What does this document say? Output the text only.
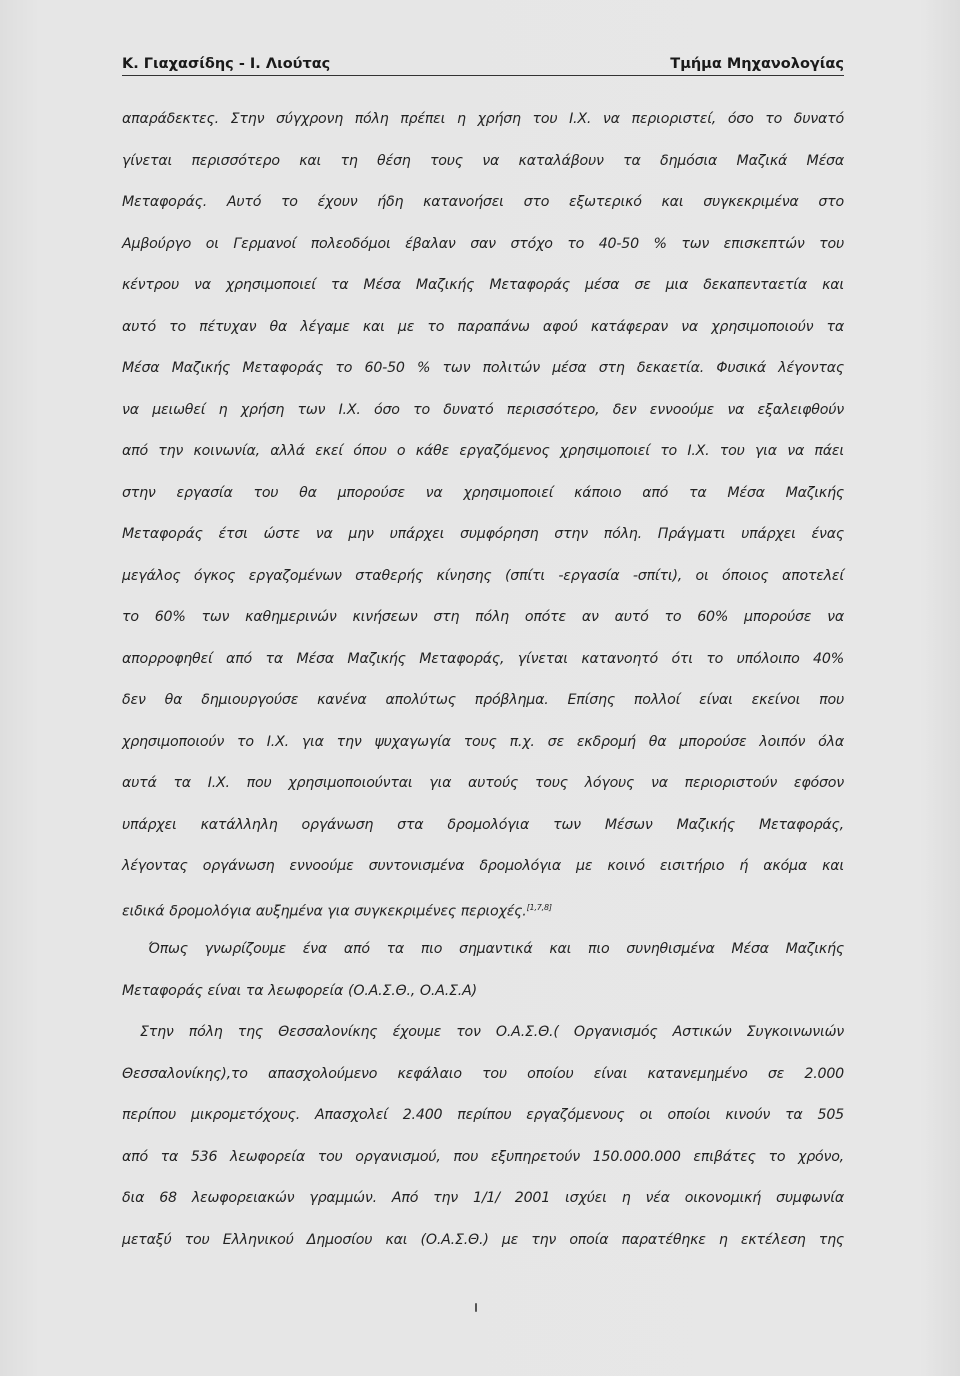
Κ. Γιαχασίδης - Ι. Λιούτας	Τμήμα Μηχανολογίας
απαράδεκτες. Στην σύγχρονη πόλη πρέπει η χρήση του Ι.Χ. να περιοριστεί, όσο το δυνατό
γίνεται περισσότερο και τη θέση τους να καταλάβουν τα δημόσια Μαζικά Μέσα
Μεταφοράς. Αυτό το έχουν ήδη κατανοήσει στο εξωτερικό και συγκεκριμένα στο
Αμβούργο οι Γερμανοί πολεοδόμοι έβαλαν σαν στόχο το 40-50 % των επισκεπτών του
κέντρου να χρησιμοποιεί τα Μέσα Μαζικής Μεταφοράς μέσα σε μια δεκαπενταετία και
αυτό το πέτυχαν θα λέγαμε και με το παραπάνω αφού κατάφεραν να χρησιμοποιούν τα
Μέσα Μαζικής Μεταφοράς το 60-50 % των πολιτών μέσα στη δεκαετία. Φυσικά λέγοντας
να μειωθεί η χρήση των Ι.Χ. όσο το δυνατό περισσότερο, δεν εννοούμε να εξαλειφθούν
από την κοινωνία, αλλά εκεί όπου ο κάθε εργαζόμενος χρησιμοποιεί το Ι.Χ. του για να πάει
στην εργασία του θα μπορούσε να χρησιμοποιεί κάποιο από τα Μέσα Μαζικής
Μεταφοράς έτσι ώστε να μην υπάρχει συμφόρηση στην πόλη. Πράγματι υπάρχει ένας
μεγάλος όγκος εργαζομένων σταθερής κίνησης (σπίτι -εργασία -σπίτι), οι όποιος αποτελεί
το 60% των καθημερινών κινήσεων στη πόλη οπότε αν αυτό το 60% μπορούσε να
απορροφηθεί από τα Μέσα Μαζικής Μεταφοράς, γίνεται κατανοητό ότι το υπόλοιπο 40%
δεν θα δημιουργούσε κανένα απολύτως πρόβλημα. Επίσης πολλοί είναι εκείνοι που
χρησιμοποιούν το Ι.Χ. για την ψυχαγωγία τους π.χ. σε εκδρομή θα μπορούσε λοιπόν όλα
αυτά τα Ι.Χ. που χρησιμοποιούνται για αυτούς τους λόγους να περιοριστούν εφόσον
υπάρχει κατάλληλη οργάνωση στα δρομολόγια των Μέσων Μαζικής Μεταφοράς,
λέγοντας οργάνωση εννοούμε συντονισμένα δρομολόγια με κοινό εισιτήριο ή ακόμα και
ειδικά δρομολόγια αυξημένα για συγκεκριμένες περιοχές.[1,7,8]
Όπως γνωρίζουμε ένα από τα πιο σημαντικά και πιο συνηθισμένα Μέσα Μαζικής
Μεταφοράς είναι τα λεωφορεία (Ο.Α.Σ.Θ., Ο.Α.Σ.Α)
Στην πόλη της Θεσσαλονίκης έχουμε τον Ο.Α.Σ.Θ.( Οργανισμός Αστικών Συγκοινωνιών
Θεσσαλονίκης),το απασχολούμενο κεφάλαιο του οποίου είναι κατανεμημένο σε 2.000
περίπου μικρομετόχους. Απασχολεί 2.400 περίπου εργαζόμενους οι οποίοι κινούν τα 505
από τα 536 λεωφορεία του οργανισμού, που εξυπηρετούν 150.000.000 επιβάτες το χρόνο,
δια 68 λεωφορειακών γραμμών. Από την 1/1/ 2001 ισχύει η νέα οικονομική συμφωνία
μεταξύ του Ελληνικού Δημοσίου και (Ο.Α.Σ.Θ.) με την οποία παρατέθηκε η εκτέλεση της
